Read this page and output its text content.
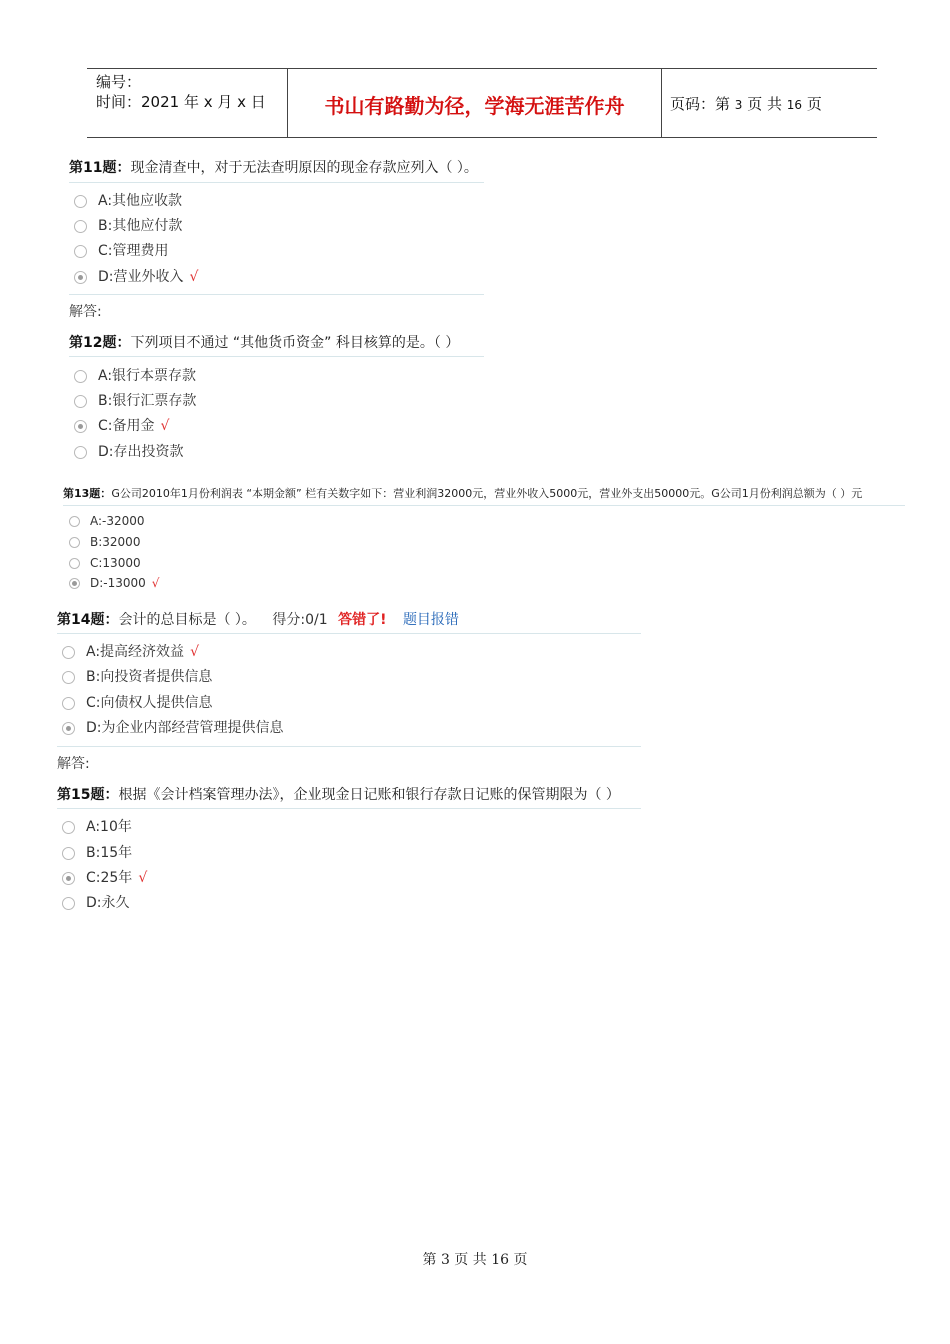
编号：
时间：2021 年 x 月 x 日	书山有路勤为径，学海无涯苦作舟	页码：第 3 页 共 16 页
第11题：现金清查中，对于无法查明原因的现金存款应列入（ ）。
A:其他应收款
B:其他应付款
C:管理费用
D:营业外收入 √
解答:
第12题：下列项目不通过 “其他货币资金” 科目核算的是。（ ）
A:银行本票存款
B:银行汇票存款
C:备用金 √
D:存出投资款
第13题：G公司2010年1月份利润表 “本期金额” 栏有关数字如下：营业利润32000元，营业外收入5000元，营业外支出50000元。G公司1月份利润总额为（ ）元
A:-32000
B:32000
C:13000
D:-13000 √
第14题：会计的总目标是（ ）。 得分:0/1 答错了! 题目报错
A:提高经济效益 √
B:向投资者提供信息
C:向债权人提供信息
D:为企业内部经营管理提供信息
解答:
第15题：根据《会计档案管理办法》，企业现金日记账和银行存款日记账的保管期限为（ ）
A:10年
B:15年
C:25年 √
D:永久
第 3 页 共 16 页
